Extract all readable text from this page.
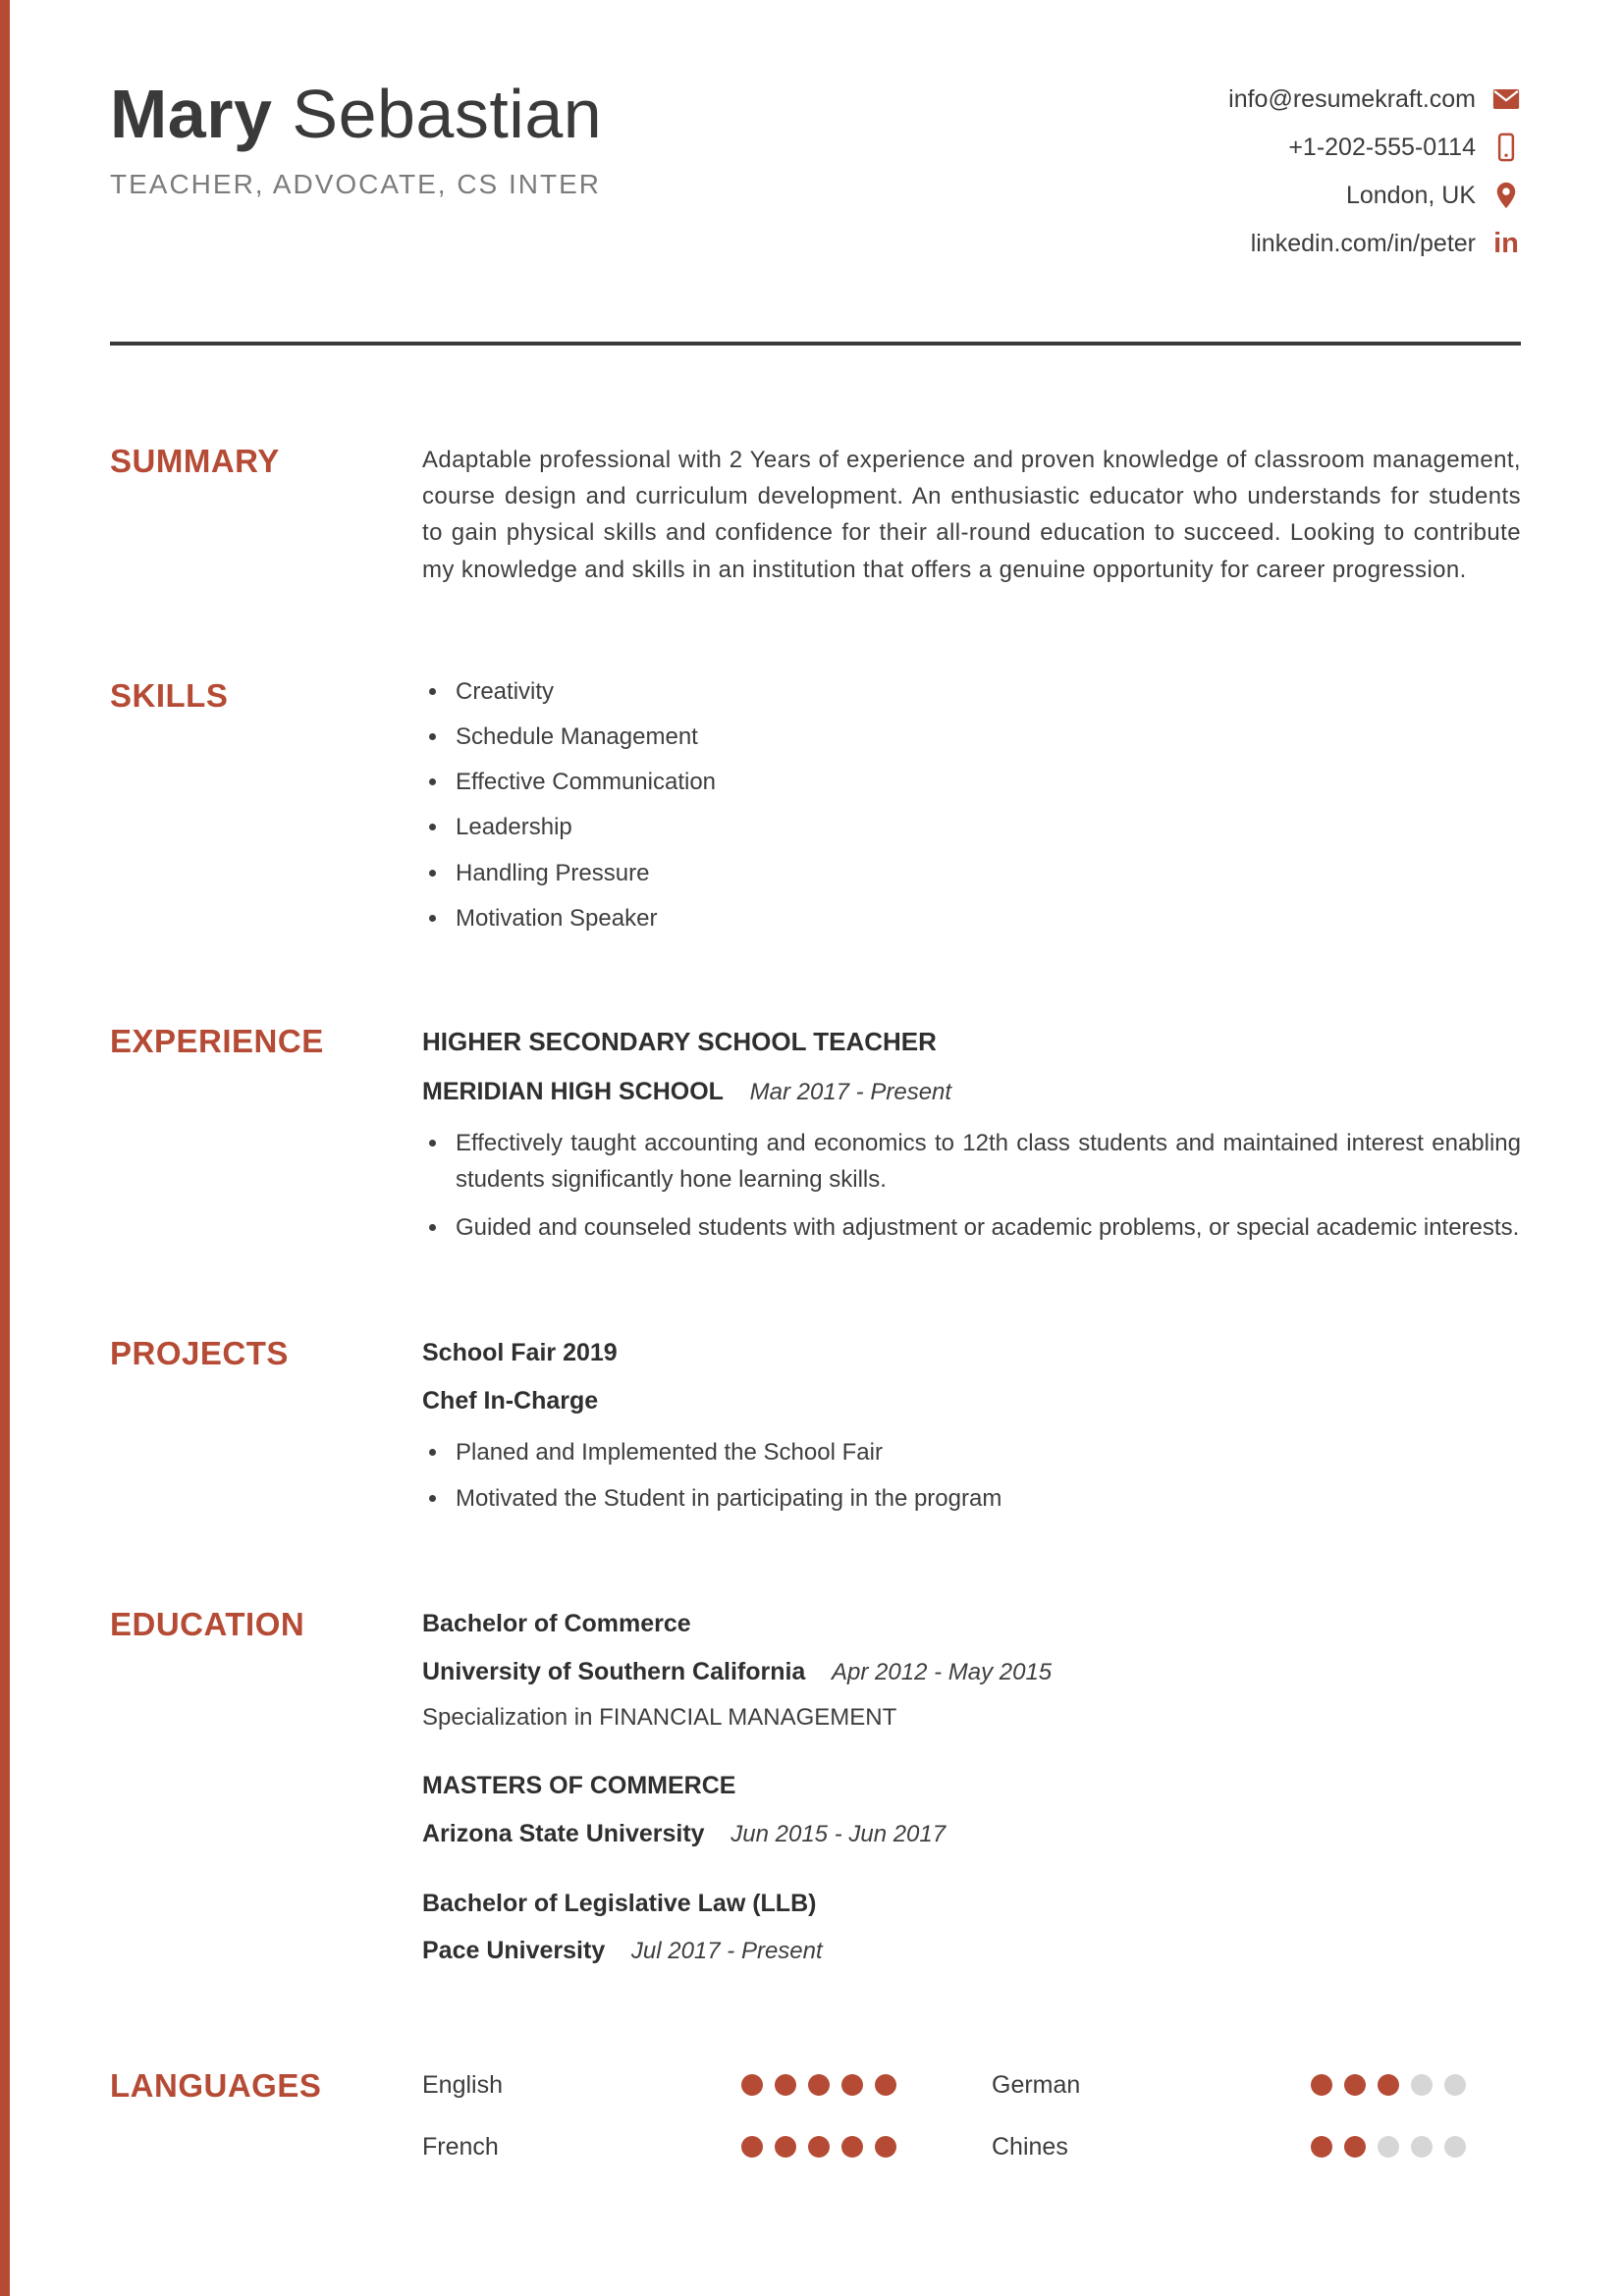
Mary Sebastian
TEACHER, ADVOCATE, CS INTER
info@resumekraft.com
+1-202-555-0114
London, UK
linkedin.com/in/peter in
SUMMARY	Adaptable professional with 2 Years of experience and proven knowledge of classroom management, course design and curriculum development. An enthusiastic educator who understands for students to gain physical skills and confidence for their all-round education to succeed. Looking to contribute my knowledge and skills in an institution that offers a genuine opportunity for career progression.

SKILLS	• Creativity
• Schedule Management
• Effective Communication
• Leadership
• Handling Pressure
• Motivation Speaker
EXPERIENCE	HIGHER SECONDARY SCHOOL TEACHER
MERIDIAN HIGH SCHOOL Mar 2017 - Present
• Effectively taught accounting and economics to 12th class students and maintained interest enabling students significantly hone learning skills.
• Guided and counseled students with adjustment or academic problems, or special academic interests.
PROJECTS	School Fair 2019
Chef In-Charge
• Planed and Implemented the School Fair
• Motivated the Student in participating in the program
EDUCATION	Bachelor of Commerce
University of Southern California Apr 2012 - May 2015
Specialization in FINANCIAL MANAGEMENT
MASTERS OF COMMERCE
Arizona State University Jun 2015 - Jun 2017
Bachelor of Legislative Law (LLB)
Pace University Jul 2017 - Present
LANGUAGES	English	German
French	Chines
